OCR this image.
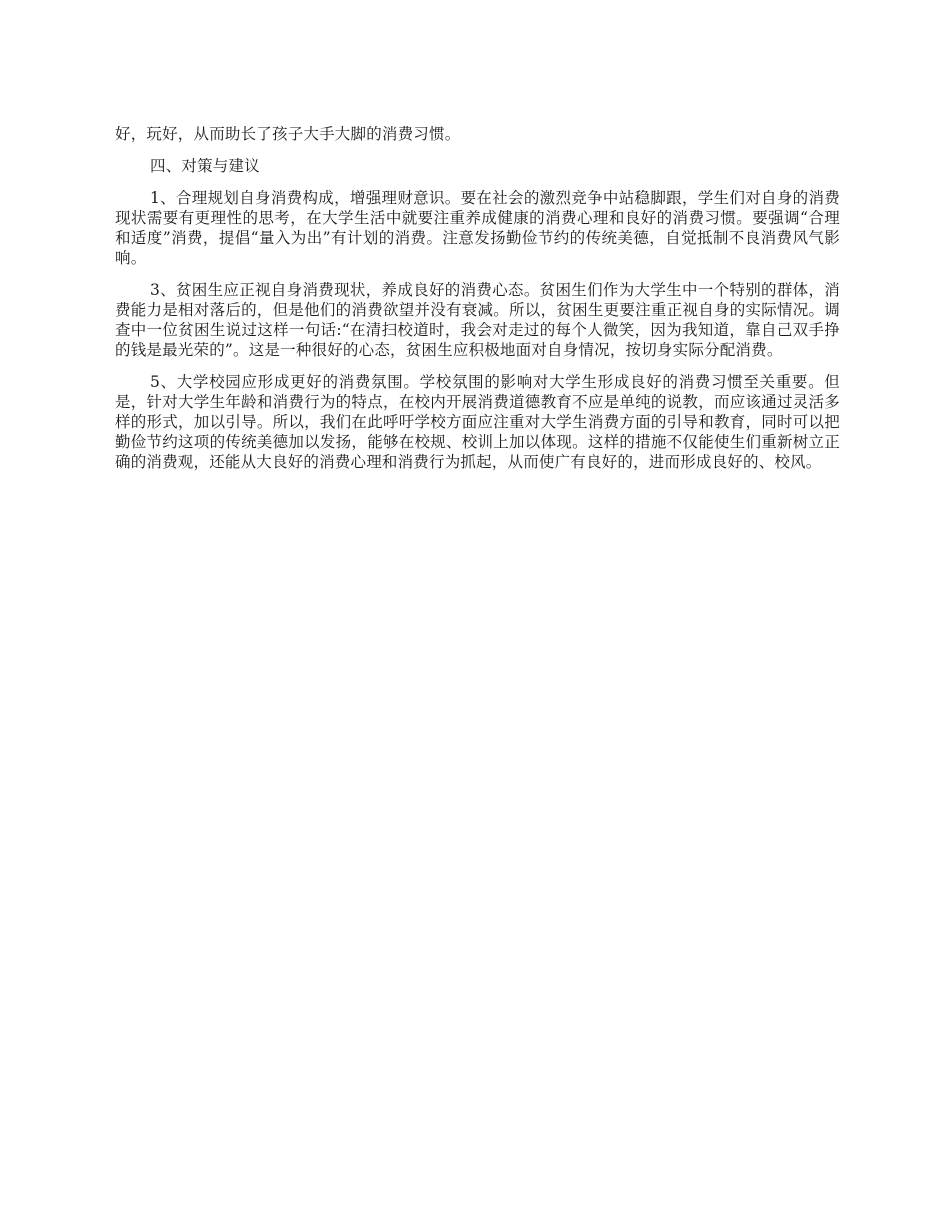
好，玩好，从而助长了孩子大手大脚的消费习惯。

四、对策与建议

1、合理规划自身消费构成，增强理财意识。要在社会的激烈竞争中站稳脚跟，学生们对自身的消费现状需要有更理性的思考，在大学生活中就要注重养成健康的消费心理和良好的消费习惯。要强调“合理和适度”消费，提倡“量入为出”有计划的消费。注意发扬勤俭节约的传统美德，自觉抵制不良消费风气影响。

3、贫困生应正视自身消费现状，养成良好的消费心态。贫困生们作为大学生中一个特别的群体，消费能力是相对落后的，但是他们的消费欲望并没有衰减。所以，贫困生更要注重正视自身的实际情况。调查中一位贫困生说过这样一句话:“在清扫校道时，我会对走过的每个人微笑，因为我知道，靠自己双手挣的钱是最光荣的”。这是一种很好的心态，贫困生应积极地面对自身情况，按切身实际分配消费。

5、大学校园应形成更好的消费氛围。学校氛围的影响对大学生形成良好的消费习惯至关重要。但是，针对大学生年龄和消费行为的特点，在校内开展消费道德教育不应是单纯的说教，而应该通过灵活多样的形式，加以引导。所以，我们在此呼吁学校方面应注重对大学生消费方面的引导和教育，同时可以把勤俭节约这项的传统美德加以发扬，能够在校规、校训上加以体现。这样的措施不仅能使生们重新树立正确的消费观，还能从大良好的消费心理和消费行为抓起，从而使广有良好的，进而形成良好的、校风。
